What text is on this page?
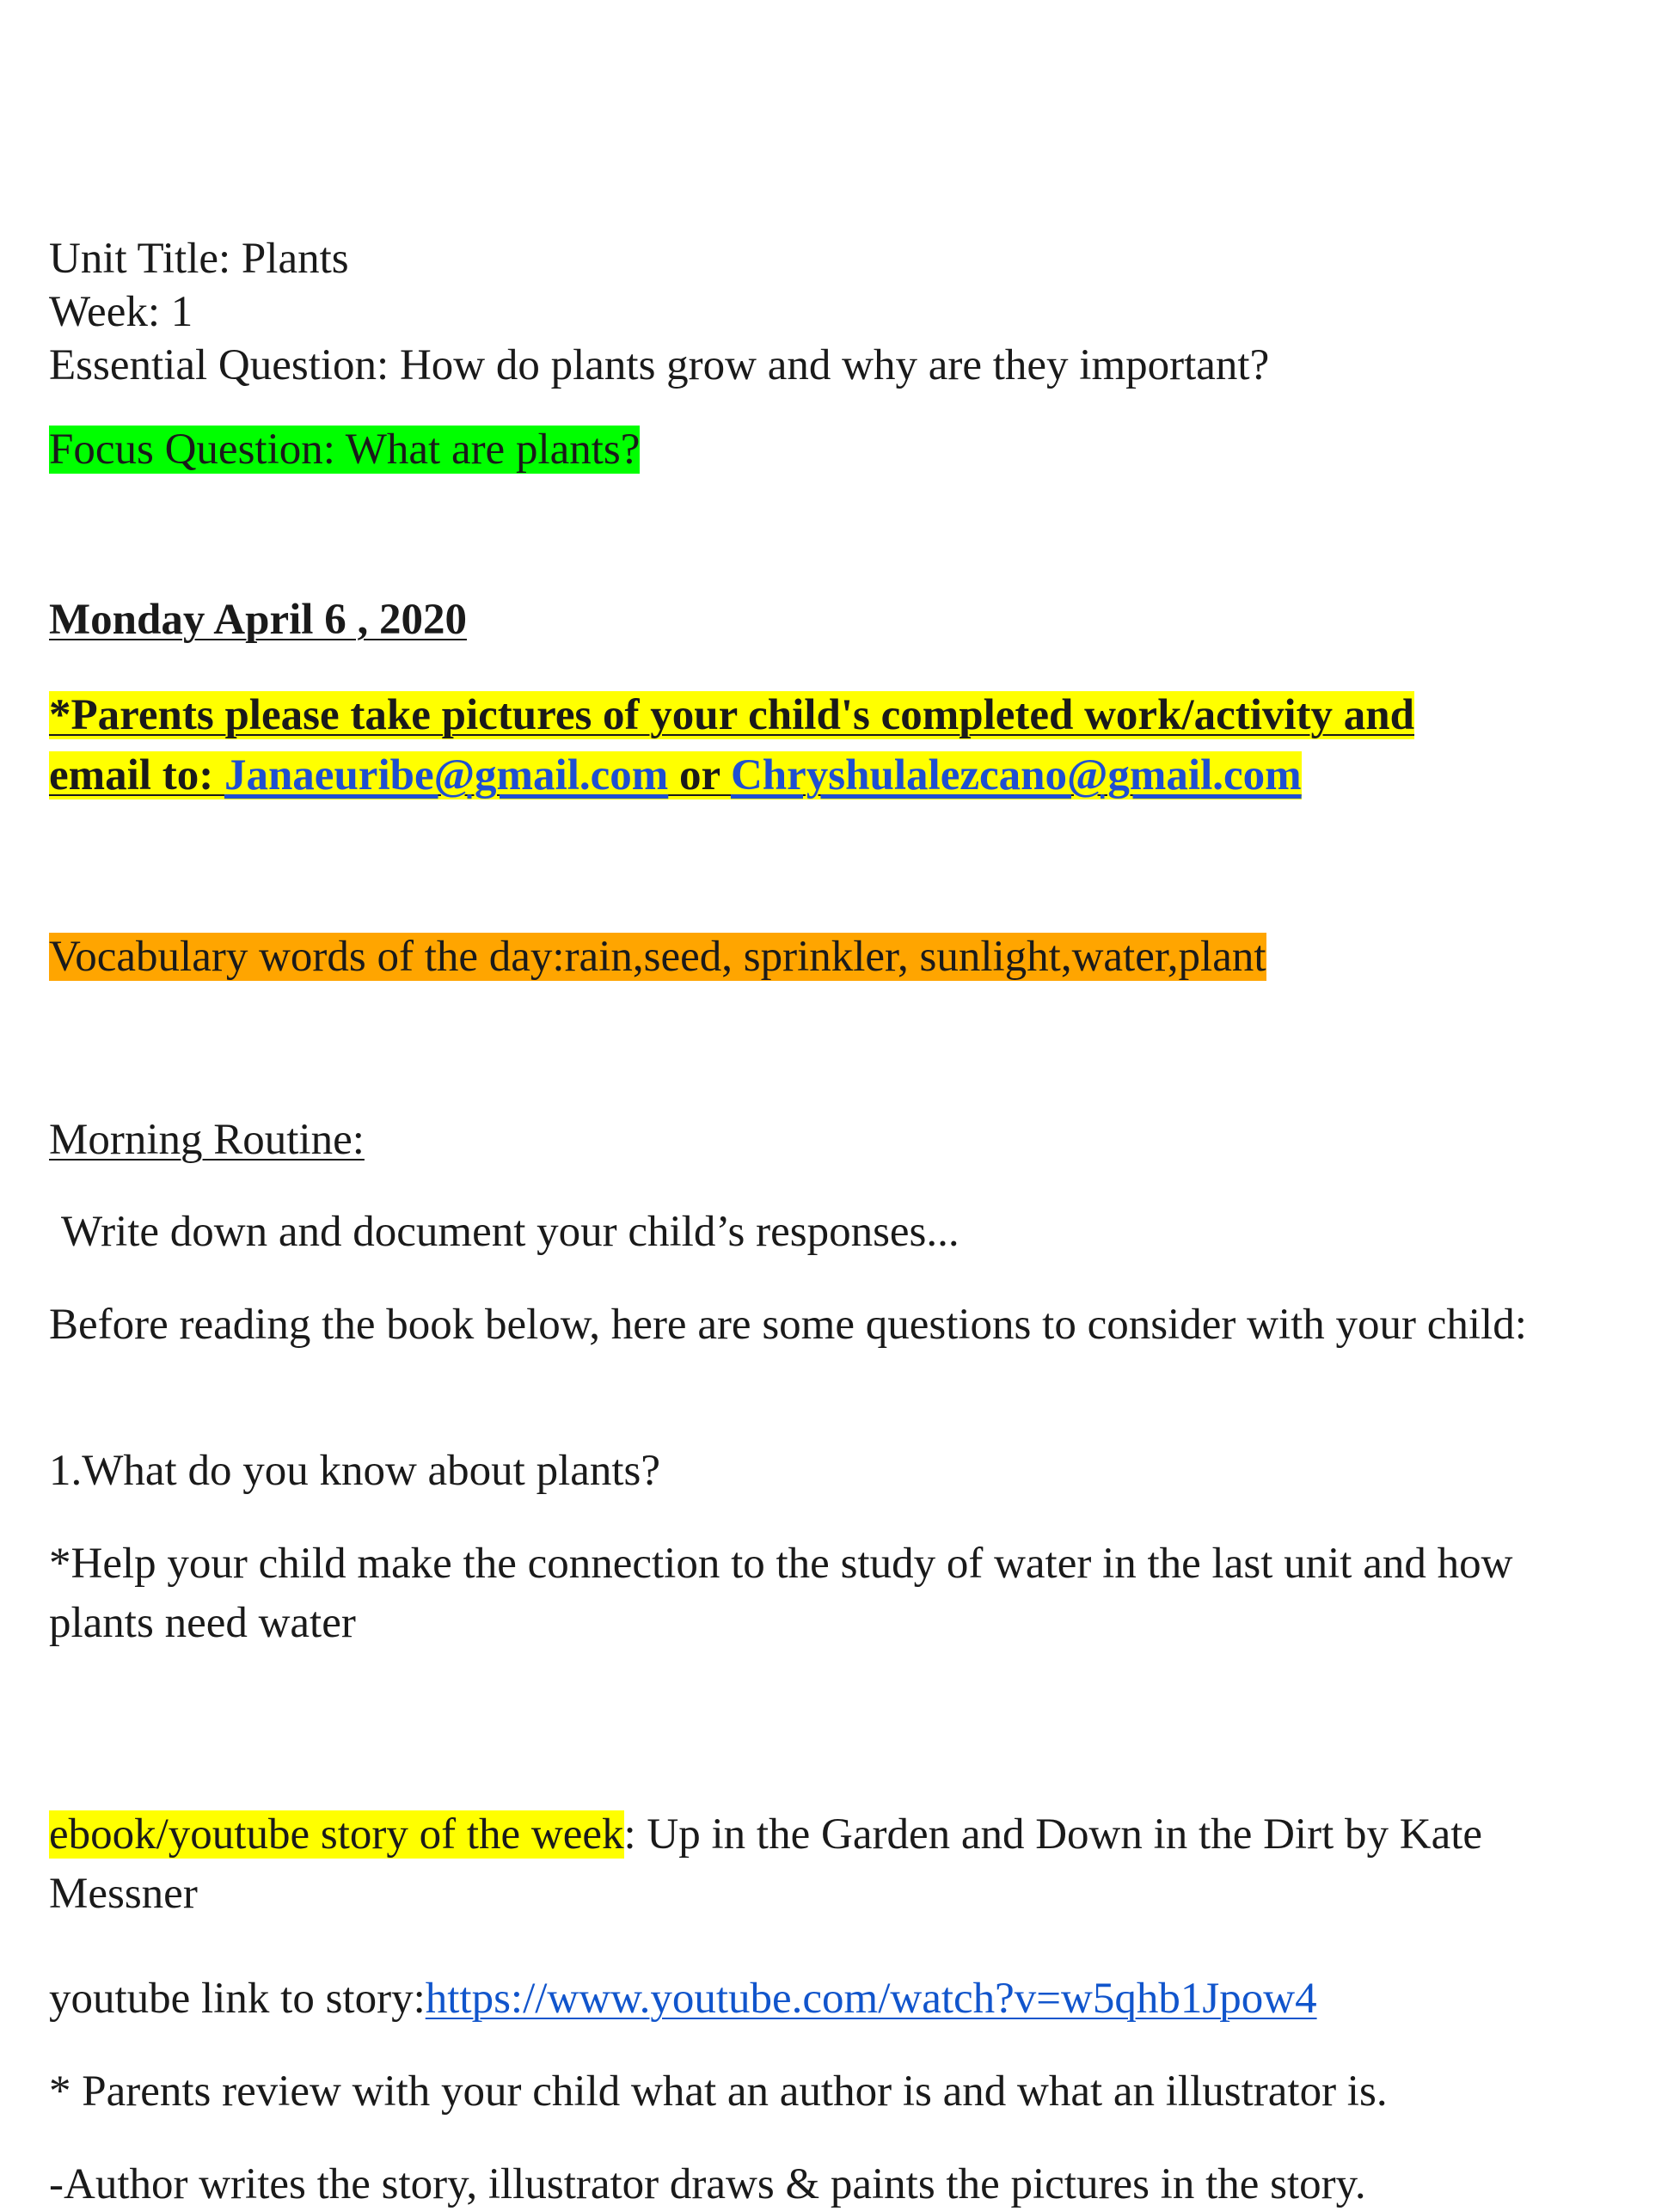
Unit Title: Plants
Week: 1
Essential Question: How do plants grow and why are they important?
Focus Question: What are plants?
Monday April 6 , 2020
*Parents please take pictures of your child's completed work/activity and
email to: Janaeuribe@gmail.com or Chryshulalezcano@gmail.com
Vocabulary words of the day:rain,seed, sprinkler, sunlight,water,plant
Morning Routine:
Write down and document your child’s responses...
Before reading the book below, here are some questions to consider with your child:
1.What do you know about plants?
*Help your child make the connection to the study of water in the last unit and how plants need water
ebook/youtube story of the week: Up in the Garden and Down in the Dirt by Kate Messner
youtube link to story:https://www.youtube.com/watch?v=w5qhb1Jpow4
* Parents review with your child what an author is and what an illustrator is.
-Author writes the story, illustrator draws & paints the pictures in the story.
